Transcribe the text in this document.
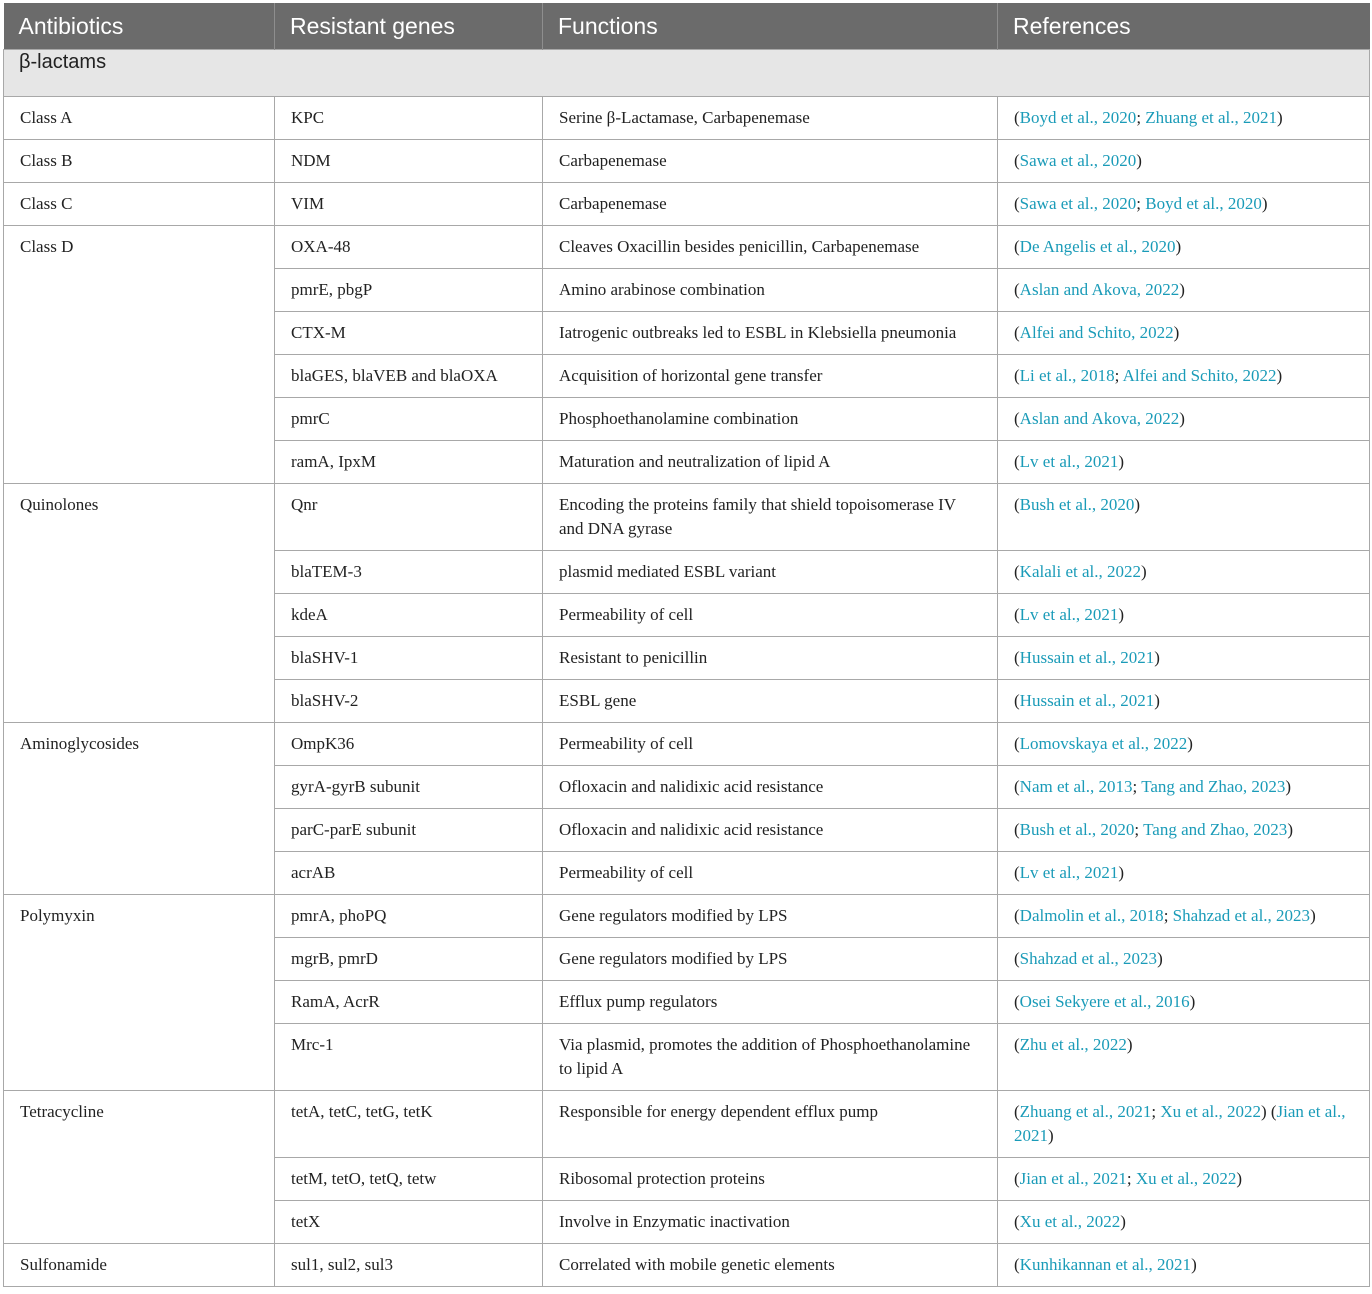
Antibiotics	Resistant genes	Functions	References
β-lactams			
Class A	KPC	Serine β-Lactamase, Carbapenemase	(Boyd et al., 2020; Zhuang et al., 2021)
Class B	NDM	Carbapenemase	(Sawa et al., 2020)
Class C	VIM	Carbapenemase	(Sawa et al., 2020; Boyd et al., 2020)
Class D	OXA-48	Cleaves Oxacillin besides penicillin, Carbapenemase	(De Angelis et al., 2020)
	pmrE, pbgP	Amino arabinose combination	(Aslan and Akova, 2022)
	CTX-M	Iatrogenic outbreaks led to ESBL in Klebsiella pneumonia	(Alfei and Schito, 2022)
	blaGES, blaVEB and blaOXA	Acquisition of horizontal gene transfer	(Li et al., 2018; Alfei and Schito, 2022)
	pmrC	Phosphoethanolamine combination	(Aslan and Akova, 2022)
	ramA, IpxM	Maturation and neutralization of lipid A	(Lv et al., 2021)
Quinolones	Qnr	Encoding the proteins family that shield topoisomerase IV and DNA gyrase	(Bush et al., 2020)
	blaTEM-3	plasmid mediated ESBL variant	(Kalali et al., 2022)
	kdeA	Permeability of cell	(Lv et al., 2021)
	blaSHV-1	Resistant to penicillin	(Hussain et al., 2021)
	blaSHV-2	ESBL gene	(Hussain et al., 2021)
Aminoglycosides	OmpK36	Permeability of cell	(Lomovskaya et al., 2022)
	gyrA-gyrB subunit	Ofloxacin and nalidixic acid resistance	(Nam et al., 2013; Tang and Zhao, 2023)
	parC-parE subunit	Ofloxacin and nalidixic acid resistance	(Bush et al., 2020; Tang and Zhao, 2023)
	acrAB	Permeability of cell	(Lv et al., 2021)
Polymyxin	pmrA, phoPQ	Gene regulators modified by LPS	(Dalmolin et al., 2018; Shahzad et al., 2023)
	mgrB, pmrD	Gene regulators modified by LPS	(Shahzad et al., 2023)
	RamA, AcrR	Efflux pump regulators	(Osei Sekyere et al., 2016)
	Mrc-1	Via plasmid, promotes the addition of Phosphoethanolamine to lipid A	(Zhu et al., 2022)
Tetracycline	tetA, tetC, tetG, tetK	Responsible for energy dependent efflux pump	(Zhuang et al., 2021; Xu et al., 2022) (Jian et al., 2021)
	tetM, tetO, tetQ, tetw	Ribosomal protection proteins	(Jian et al., 2021; Xu et al., 2022)
	tetX	Involve in Enzymatic inactivation	(Xu et al., 2022)
Sulfonamide	sul1, sul2, sul3	Correlated with mobile genetic elements	(Kunhikannan et al., 2021)
